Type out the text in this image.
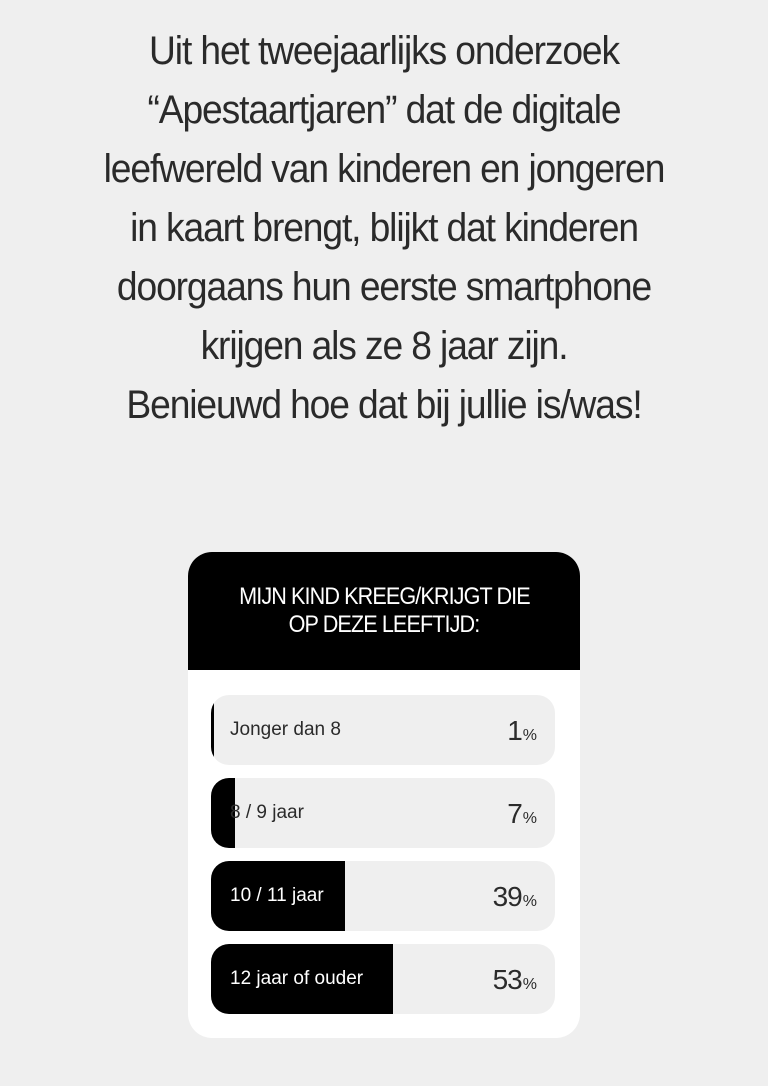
Uit het tweejaarlijks onderzoek
“Apestaartjaren” dat de digitale
leefwereld van kinderen en jongeren
in kaart brengt, blijkt dat kinderen
doorgaans hun eerste smartphone
krijgen als ze 8 jaar zijn.
Benieuwd hoe dat bij jullie is/was!
MIJN KIND KREEG/KRIJGT DIE
OP DEZE LEEFTIJD:
Jonger dan 8	1%
8 / 9 jaar	7%
10 / 11 jaar	39%
12 jaar of ouder	53%
